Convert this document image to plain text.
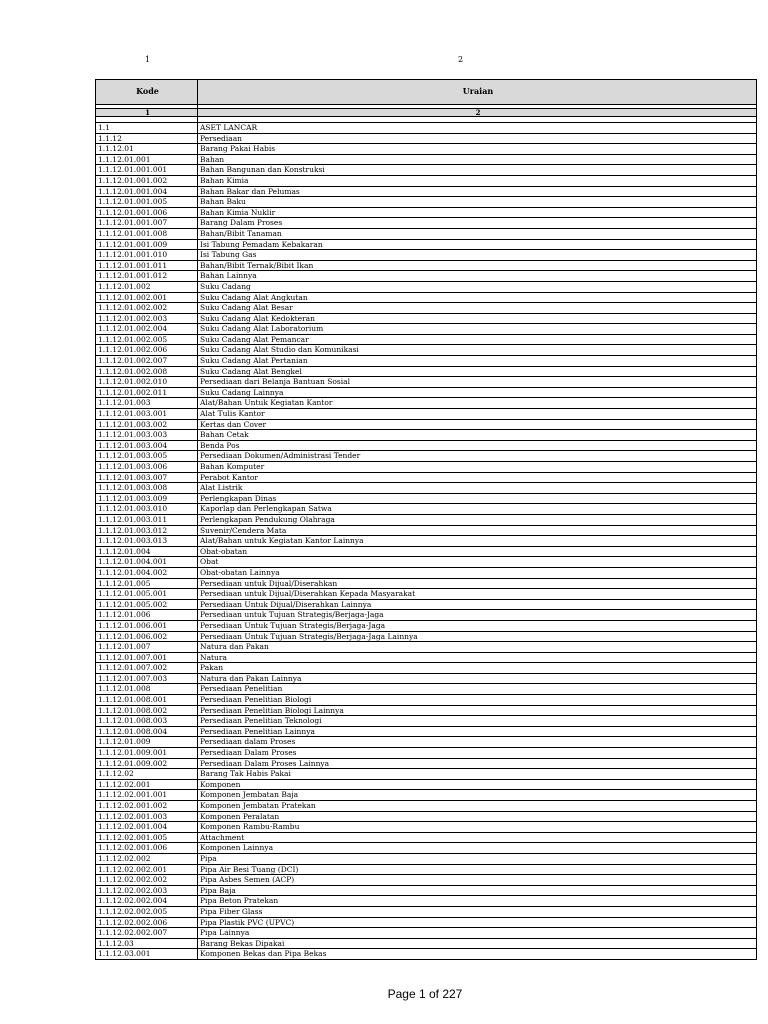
1	2
Kode	Uraian

1	2

1.1	ASET LANCAR
1.1.12	Persediaan
1.1.12.01	Barang Pakai Habis
1.1.12.01.001	Bahan
1.1.12.01.001.001	Bahan Bangunan dan Konstruksi
1.1.12.01.001.002	Bahan Kimia
1.1.12.01.001.004	Bahan Bakar dan Pelumas
1.1.12.01.001.005	Bahan Baku
1.1.12.01.001.006	Bahan Kimia Nuklir
1.1.12.01.001.007	Barang Dalam Proses
1.1.12.01.001.008	Bahan/Bibit Tanaman
1.1.12.01.001.009	Isi Tabung Pemadam Kebakaran
1.1.12.01.001.010	Isi Tabung Gas
1.1.12.01.001.011	Bahan/Bibit Ternak/Bibit Ikan
1.1.12.01.001.012	Bahan Lainnya
1.1.12.01.002	Suku Cadang
1.1.12.01.002.001	Suku Cadang Alat Angkutan
1.1.12.01.002.002	Suku Cadang Alat Besar
1.1.12.01.002.003	Suku Cadang Alat Kedokteran
1.1.12.01.002.004	Suku Cadang Alat Laboratorium
1.1.12.01.002.005	Suku Cadang Alat Pemancar
1.1.12.01.002.006	Suku Cadang Alat Studio dan Komunikasi
1.1.12.01.002.007	Suku Cadang Alat Pertanian
1.1.12.01.002.008	Suku Cadang Alat Bengkel
1.1.12.01.002.010	Persediaan dari Belanja Bantuan Sosial
1.1.12.01.002.011	Suku Cadang Lainnya
1.1.12.01.003	Alat/Bahan Untuk Kegiatan Kantor
1.1.12.01.003.001	Alat Tulis Kantor
1.1.12.01.003.002	Kertas dan Cover
1.1.12.01.003.003	Bahan Cetak
1.1.12.01.003.004	Benda Pos
1.1.12.01.003.005	Persediaan Dokumen/Administrasi Tender
1.1.12.01.003.006	Bahan Komputer
1.1.12.01.003.007	Perabot Kantor
1.1.12.01.003.008	Alat Listrik
1.1.12.01.003.009	Perlengkapan Dinas
1.1.12.01.003.010	Kaporlap dan Perlengkapan Satwa
1.1.12.01.003.011	Perlengkapan Pendukung Olahraga
1.1.12.01.003.012	Suvenir/Cendera Mata
1.1.12.01.003.013	Alat/Bahan untuk Kegiatan Kantor Lainnya
1.1.12.01.004	Obat-obatan
1.1.12.01.004.001	Obat
1.1.12.01.004.002	Obat-obatan Lainnya
1.1.12.01.005	Persediaan untuk Dijual/Diserahkan
1.1.12.01.005.001	Persediaan untuk Dijual/Diserahkan Kepada Masyarakat
1.1.12.01.005.002	Persediaan Untuk Dijual/Diserahkan Lainnya
1.1.12.01.006	Persediaan untuk Tujuan Strategis/Berjaga-Jaga
1.1.12.01.006.001	Persediaan Untuk Tujuan Strategis/Berjaga-Jaga
1.1.12.01.006.002	Persediaan Untuk Tujuan Strategis/Berjaga-Jaga Lainnya
1.1.12.01.007	Natura dan Pakan
1.1.12.01.007.001	Natura
1.1.12.01.007.002	Pakan
1.1.12.01.007.003	Natura dan Pakan Lainnya
1.1.12.01.008	Persediaan Penelitian
1.1.12.01.008.001	Persediaan Penelitian Biologi
1.1.12.01.008.002	Persediaan Penelitian Biologi Lainnya
1.1.12.01.008.003	Persediaan Penelitian Teknologi
1.1.12.01.008.004	Persediaan Penelitian Lainnya
1.1.12.01.009	Persediaan dalam Proses
1.1.12.01.009.001	Persediaan Dalam Proses
1.1.12.01.009.002	Persediaan Dalam Proses Lainnya
1.1.12.02	Barang Tak Habis Pakai
1.1.12.02.001	Komponen
1.1.12.02.001.001	Komponen Jembatan Baja
1.1.12.02.001.002	Komponen Jembatan Pratekan
1.1.12.02.001.003	Komponen Peralatan
1.1.12.02.001.004	Komponen Rambu-Rambu
1.1.12.02.001.005	Attachment
1.1.12.02.001.006	Komponen Lainnya
1.1.12.02.002	Pipa
1.1.12.02.002.001	Pipa Air Besi Tuang (DCI)
1.1.12.02.002.002	Pipa Asbes Semen (ACP)
1.1.12.02.002.003	Pipa Baja
1.1.12.02.002.004	Pipa Beton Pratekan
1.1.12.02.002.005	Pipa Fiber Glass
1.1.12.02.002.006	Pipa Plastik PVC (UPVC)
1.1.12.02.002.007	Pipa Lainnya
1.1.12.03	Barang Bekas Dipakai
1.1.12.03.001	Komponen Bekas dan Pipa Bekas
Page 1 of 227
